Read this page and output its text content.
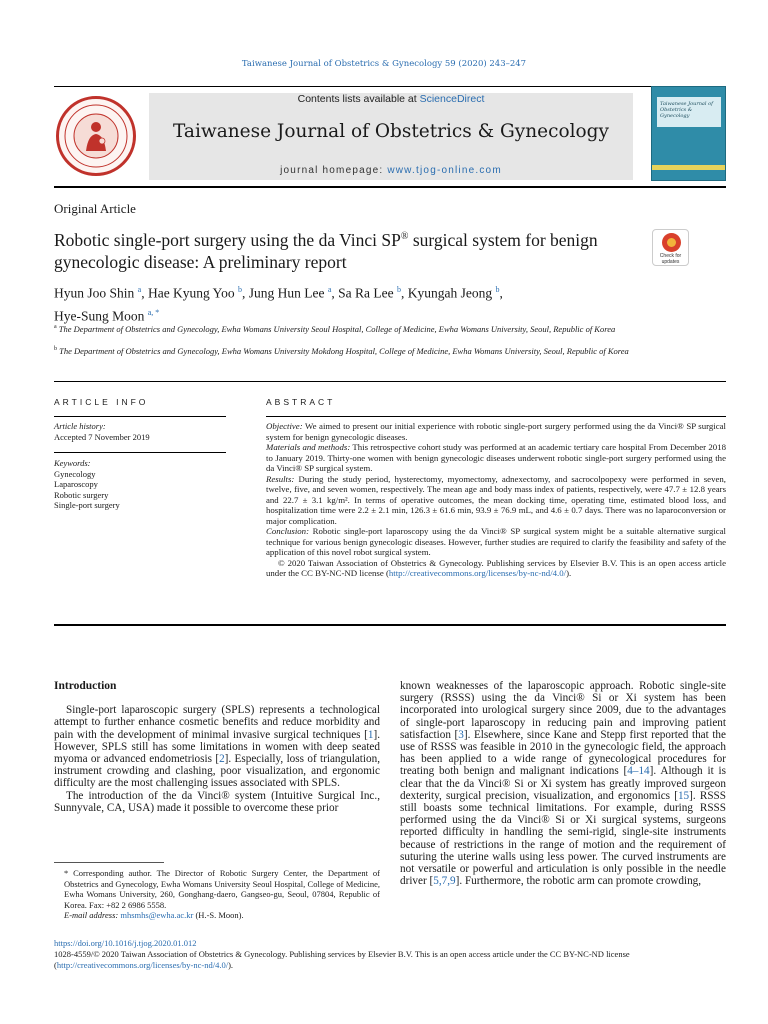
Taiwanese Journal of Obstetrics & Gynecology 59 (2020) 243–247
Contents lists available at ScienceDirect
Taiwanese Journal of Obstetrics & Gynecology
journal homepage: www.tjog-online.com
Taiwanese Journal of Obstetrics & Gynecology
Original Article
Robotic single-port surgery using the da Vinci SP® surgical system for benign gynecologic disease: A preliminary report	Check for updates
Hyun Joo Shin $^a$, Hae Kyung Yoo $^b$, Jung Hun Lee $^a$, Sa Ra Lee $^b$, Kyungah Jeong $^b$,
Hye-Sung Moon $^{a, *}$
$^a$ The Department of Obstetrics and Gynecology, Ewha Womans University Seoul Hospital, College of Medicine, Ewha Womans University, Seoul, Republic of Korea
$^b$ The Department of Obstetrics and Gynecology, Ewha Womans University Mokdong Hospital, College of Medicine, Ewha Womans University, Seoul, Republic of Korea
ARTICLE INFO	ABSTRACT
Article history:
Accepted 7 November 2019
Keywords:
Gynecology
Laparoscopy
Robotic surgery
Single-port surgery

Objective: We aimed to present our initial experience with robotic single-port surgery performed using the da Vinci® SP surgical system for benign gynecologic diseases.

Materials and methods: This retrospective cohort study was performed at an academic tertiary care hospital From December 2018 to January 2019. Thirty-one women with benign gynecologic diseases underwent robotic single-port surgery performed using the da Vinci® SP surgical system.

Results: During the study period, hysterectomy, myomectomy, adnexectomy, and sacrocolpopexy were performed in seven, twelve, five, and seven women, respectively. The mean age and body mass index of patients, respectively, were 47.7 ± 12.8 years and 22.7 ± 3.1 kg/m². In terms of operative outcomes, the mean docking time, operating time, estimated blood loss, and hospitalization time were 2.2 ± 2.1 min, 126.3 ± 61.6 min, 93.9 ± 76.9 mL, and 4.6 ± 0.7 days. There was no laparoconversion or major complication.

Conclusion: Robotic single-port laparoscopy using the da Vinci® SP surgical system might be a suitable alternative surgical technique for various benign gynecologic diseases. However, further studies are required to clarify the feasibility and safety of the application of this novel robot surgical system.

© 2020 Taiwan Association of Obstetrics & Gynecology. Publishing services by Elsevier B.V. This is an open access article under the CC BY-NC-ND license (http://creativecommons.org/licenses/by-nc-nd/4.0/).

Introduction

Single-port laparoscopic surgery (SPLS) represents a technological attempt to further enhance cosmetic benefits and reduce morbidity and pain with the development of minimal invasive surgical techniques [1]. However, SPLS still has some limitations in women with deep seated myoma or advanced endometriosis [2]. Especially, loss of triangulation, instrument crowding and clashing, poor visualization, and ergonomic difficulty are the most challenging issues associated with SPLS.

The introduction of the da Vinci® system (Intuitive Surgical Inc., Sunnyvale, CA, USA) made it possible to overcome these prior

known weaknesses of the laparoscopic approach. Robotic single-site surgery (RSSS) using the da Vinci® Si or Xi system has been incorporated into urological surgery since 2009, due to the advantages of single-port laparoscopy in reducing pain and improving patient satisfaction [3]. Elsewhere, since Kane and Stepp first reported that the use of RSSS was feasible in 2010 in the gynecologic field, the approach has been applied to a wide range of gynecological procedures for treating both benign and malignant indications [4–14]. Although it is clear that the da Vinci® Si or Xi system has greatly improved surgeon dexterity, surgical precision, visualization, and ergonomics [15]. RSSS still boasts some technical limitations. For example, during RSSS performed using the da Vinci® Si or Xi surgical systems, surgeons reported difficulty in handling the semi-rigid, single-site instruments because of restrictions in the range of motion and the requirement of suturing the uterine walls using less power. The curved instruments are not versatile or powerful and articulation is only possible in the needle driver [5,7,9]. Furthermore, the robotic arm can promote crowding,

* Corresponding author. The Director of Robotic Surgery Center, the Department of Obstetrics and Gynecology, Ewha Womans University Seoul Hospital, College of Medicine, Ewha Womans University, 260, Gonghang-daero, Gangseo-gu, Seoul, 07804, Republic of Korea. Fax: +82 2 6986 5558.
E-mail address: mhsmhs@ewha.ac.kr (H.-S. Moon).
https://doi.org/10.1016/j.tjog.2020.01.012
1028-4559/© 2020 Taiwan Association of Obstetrics & Gynecology. Publishing services by Elsevier B.V. This is an open access article under the CC BY-NC-ND license (http://creativecommons.org/licenses/by-nc-nd/4.0/).
